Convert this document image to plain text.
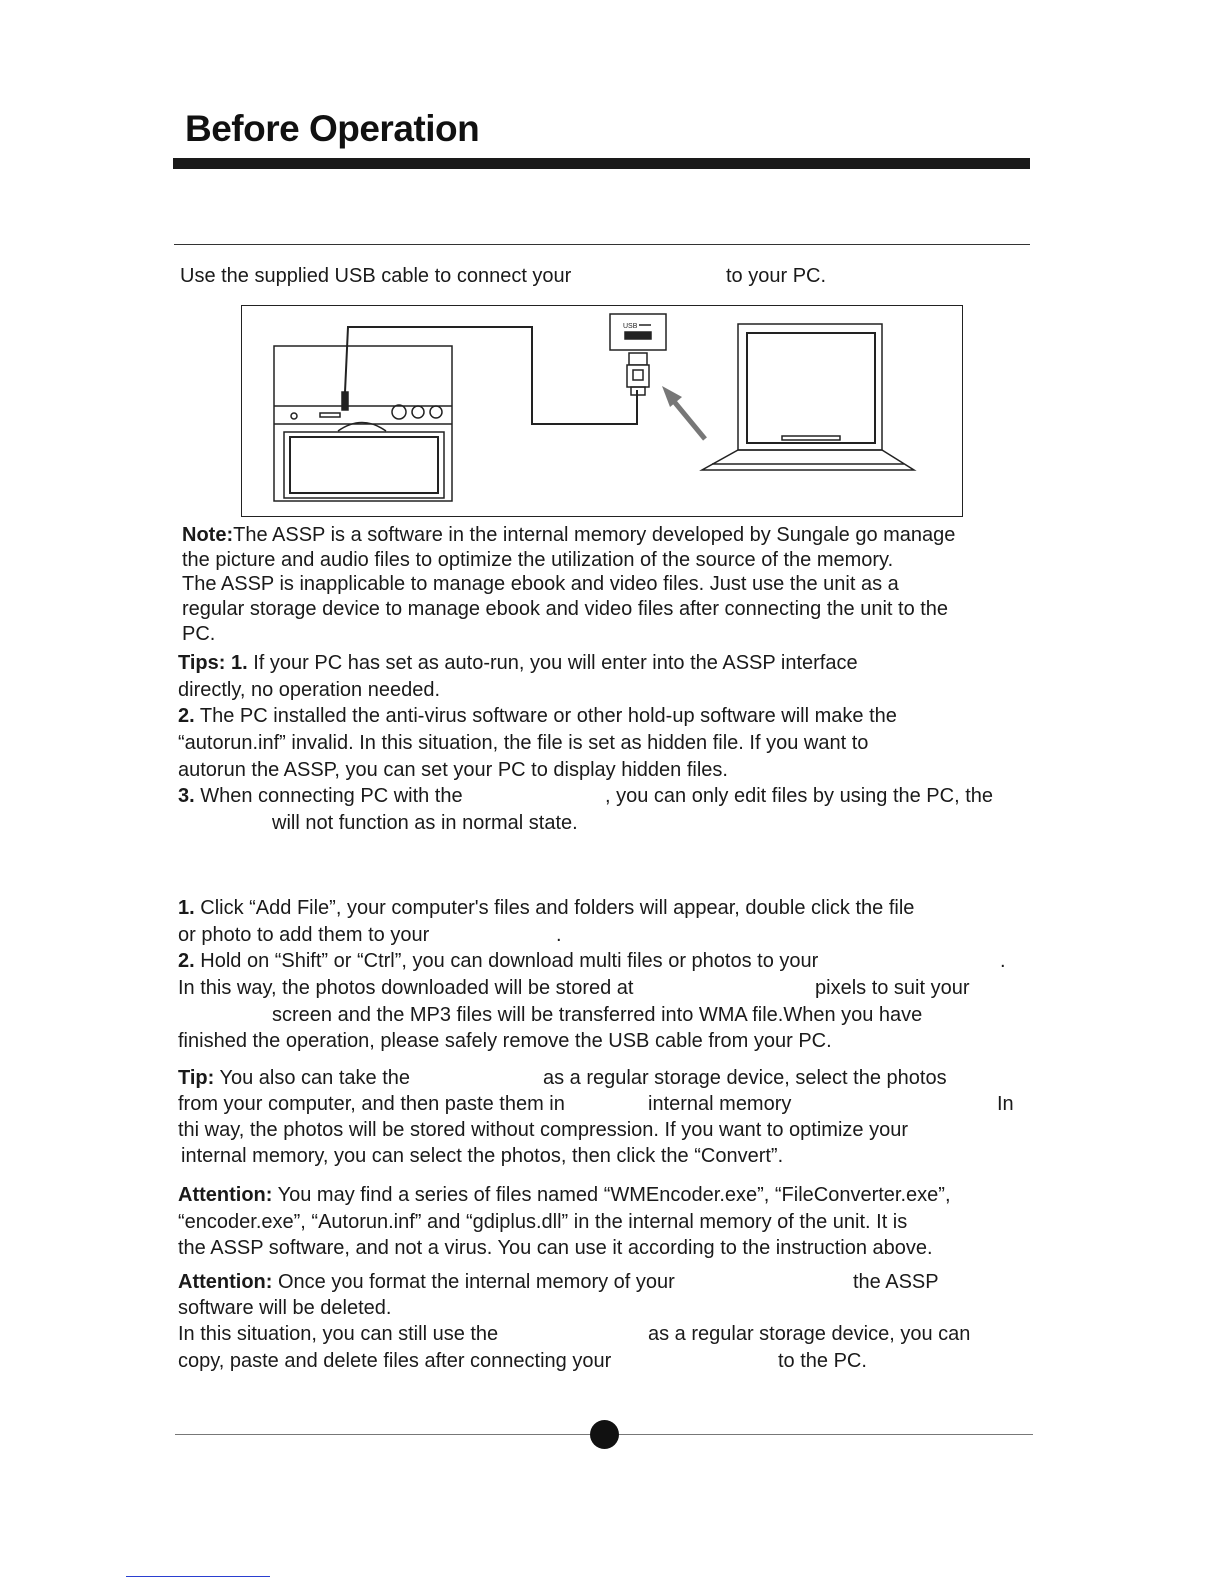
Before Operation
Use the supplied USB cable to connect your	to your PC.
USB
Note:The ASSP is a software in the internal memory developed by Sungale go manage
the picture and audio files to optimize the utilization of the source of the memory.
The ASSP is inapplicable to manage ebook and video files. Just use the unit as a
regular storage device to manage ebook and video files after connecting the unit to the
PC.
Tips: 1. If your PC has set as auto-run, you will enter into the ASSP interface
directly, no operation needed.
2. The PC installed the anti-virus software or other hold-up software will make the
“autorun.inf” invalid. In this situation, the file is set as hidden file. If you want to
autorun the ASSP, you can set your PC to display hidden files.
3. When connecting PC with the	, you can only edit files by using the PC, the
will not function as in normal state.
1. Click “Add File”, your computer's files and folders will appear, double click the file
or photo to add them to your	.
2. Hold on “Shift” or “Ctrl”, you can download multi files or photos to your	.
In this way, the photos downloaded will be stored at	pixels to suit your
screen and the MP3 files will be transferred into WMA file.When you have
finished the operation, please safely remove the USB cable from your PC.
Tip: You also can take the	as a regular storage device, select the photos
from your computer, and then paste them in	internal memory	In
thi way, the photos will be stored without compression. If you want to optimize your
internal memory, you can select the photos, then click the “Convert”.
Attention: You may find a series of files named “WMEncoder.exe”, “FileConverter.exe”,
“encoder.exe”, “Autorun.inf” and “gdiplus.dll” in the internal memory of the unit. It is
the ASSP software, and not a virus. You can use it according to the instruction above.
Attention: Once you format the internal memory of your	the ASSP
software will be deleted.
In this situation, you can still use the	as a regular storage device, you can
copy, paste and delete files after connecting your	to the PC.
